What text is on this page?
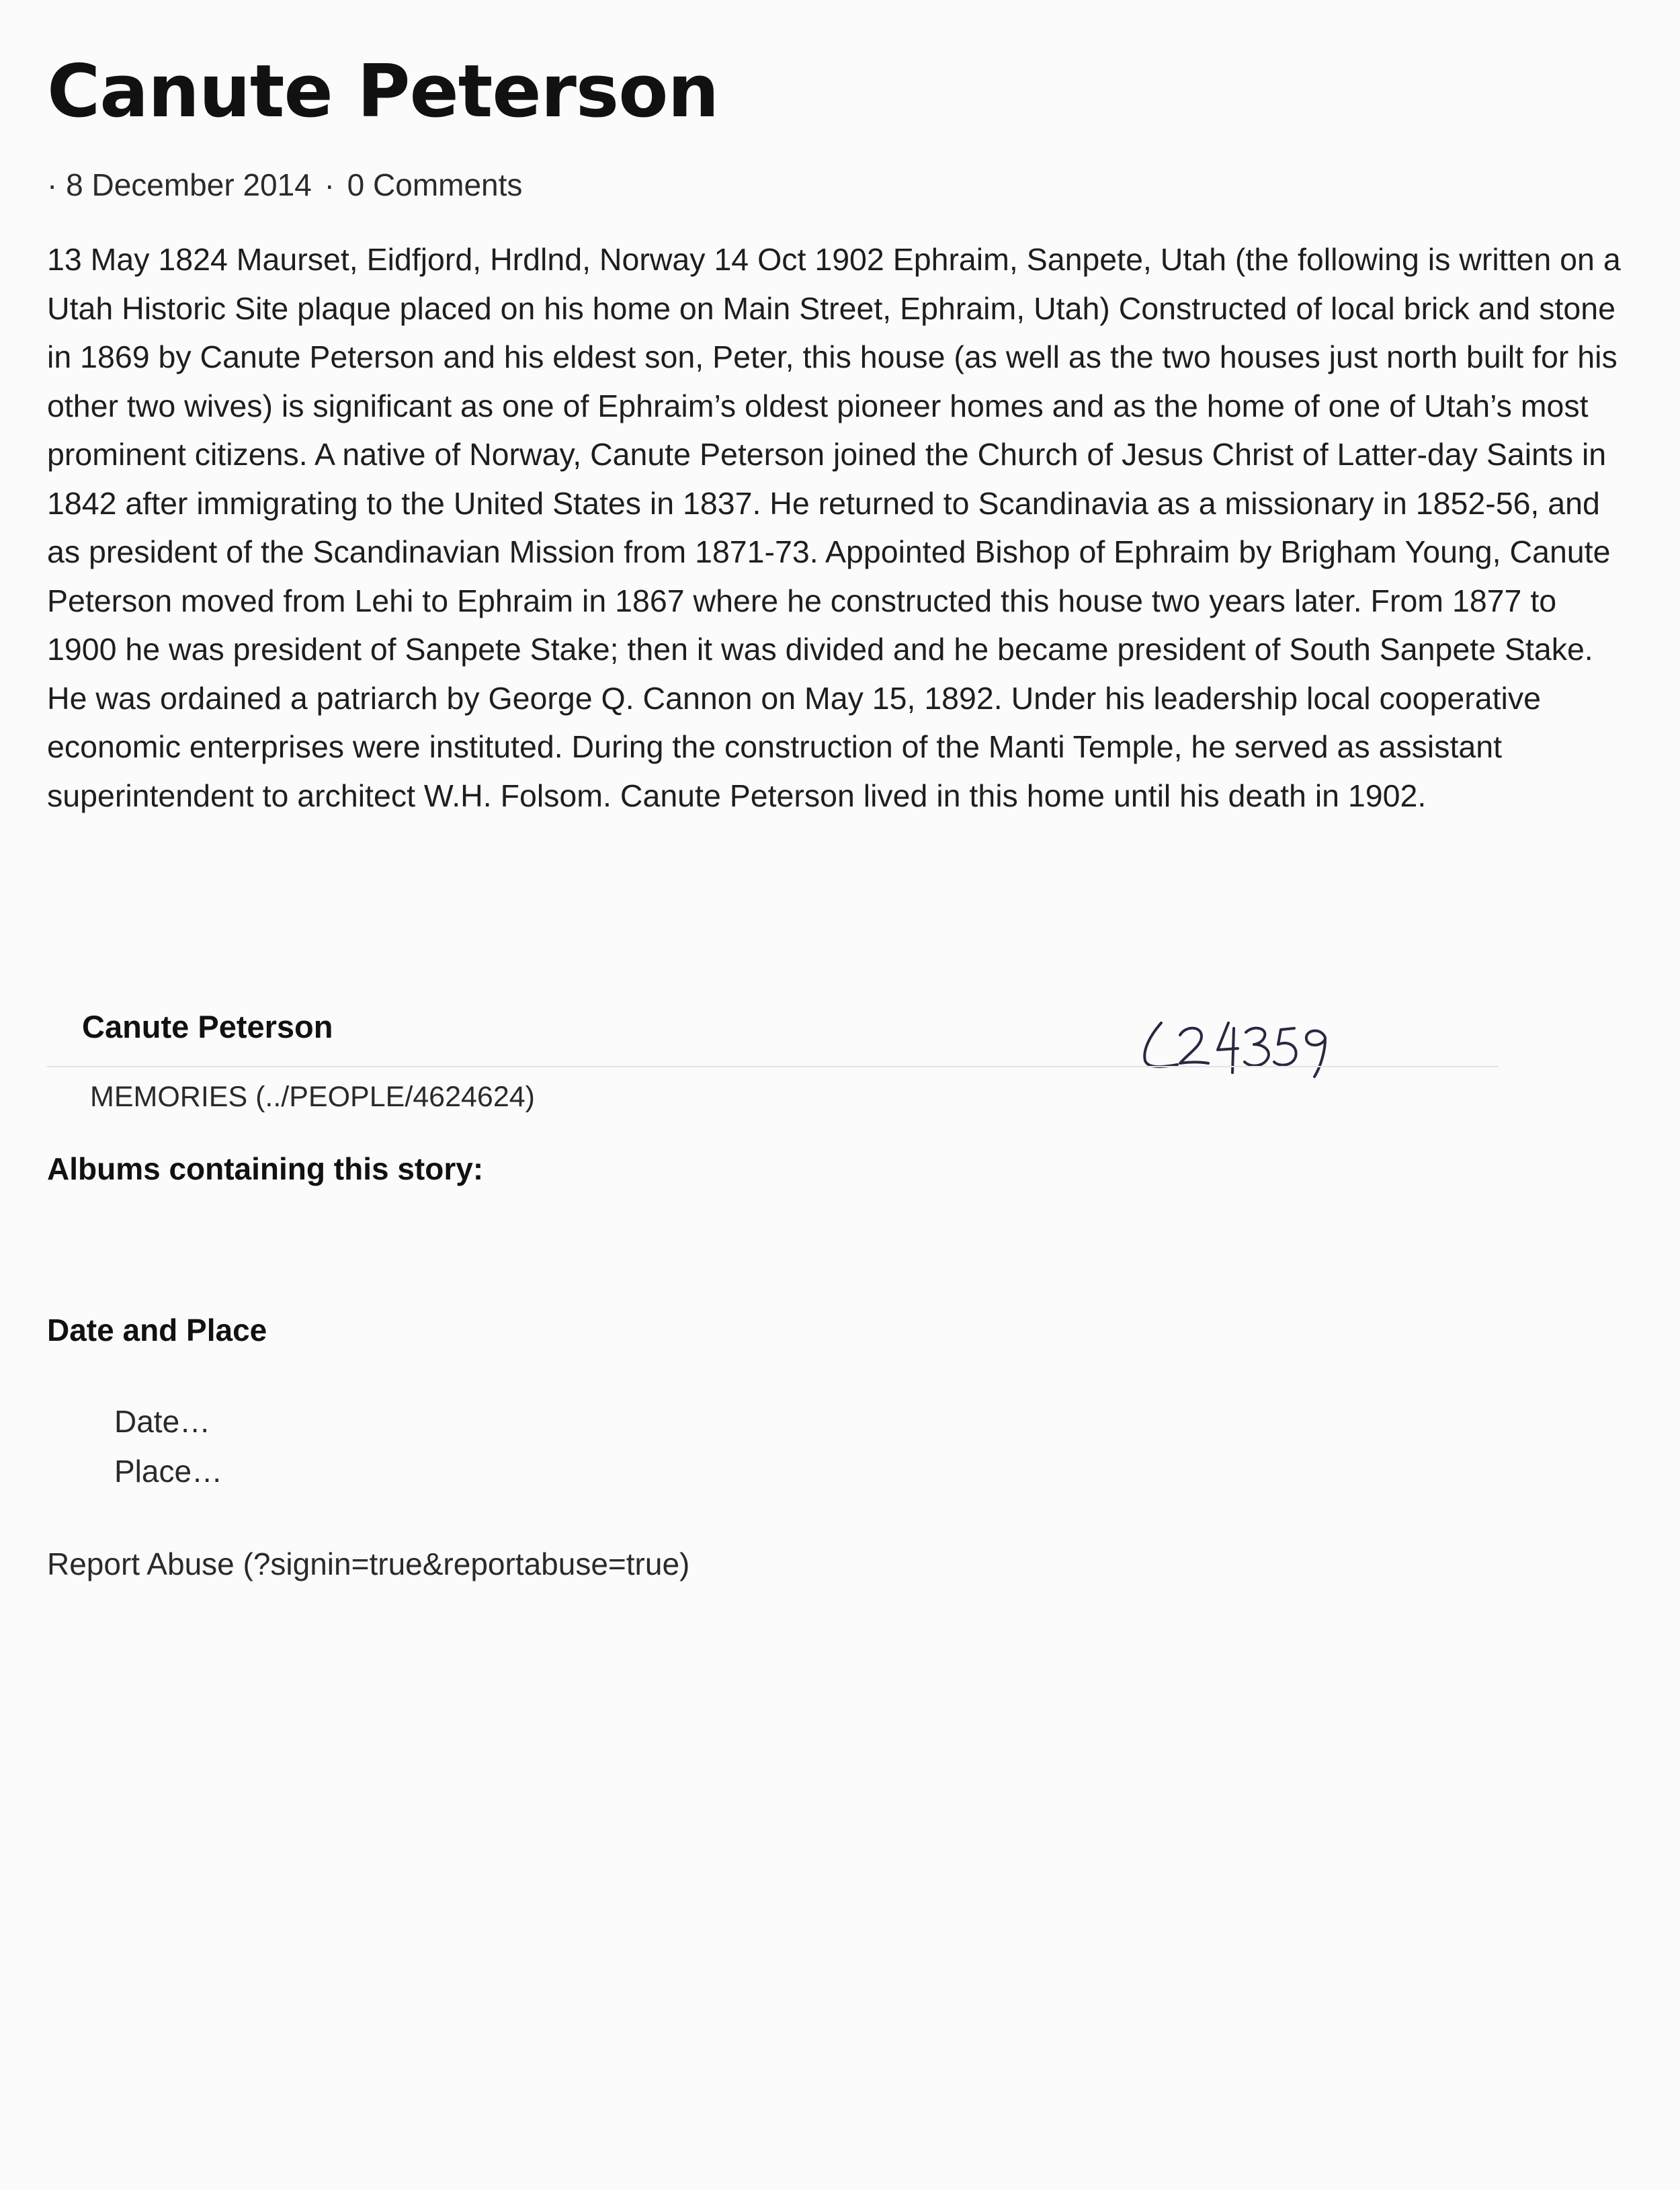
Canute Peterson
· 8 December 2014 · 0 Comments

13 May 1824 Maurset, Eidfjord, Hrdlnd, Norway 14 Oct 1902 Ephraim, Sanpete, Utah (the following is written on a Utah Historic Site plaque placed on his home on Main Street, Ephraim, Utah) Constructed of local brick and stone in 1869 by Canute Peterson and his eldest son, Peter, this house (as well as the two houses just north built for his other two wives) is significant as one of Ephraim’s oldest pioneer homes and as the home of one of Utah’s most prominent citizens. A native of Norway, Canute Peterson joined the Church of Jesus Christ of Latter-day Saints in 1842 after immigrating to the United States in 1837. He returned to Scandinavia as a missionary in 1852-56, and as president of the Scandinavian Mission from 1871-73. Appointed Bishop of Ephraim by Brigham Young, Canute Peterson moved from Lehi to Ephraim in 1867 where he constructed this house two years later. From 1877 to 1900 he was president of Sanpete Stake; then it was divided and he became president of South Sanpete Stake. He was ordained a patriarch by George Q. Cannon on May 15, 1892. Under his leadership local cooperative economic enterprises were instituted. During the construction of the Manti Temple, he served as assistant superintendent to architect W.H. Folsom. Canute Peterson lived in this home until his death in 1902.

Canute Peterson
MEMORIES (../PEOPLE/4624624)
Albums containing this story:
Date and Place
Date…
Place…
Report Abuse (?signin=true&reportabuse=true)
